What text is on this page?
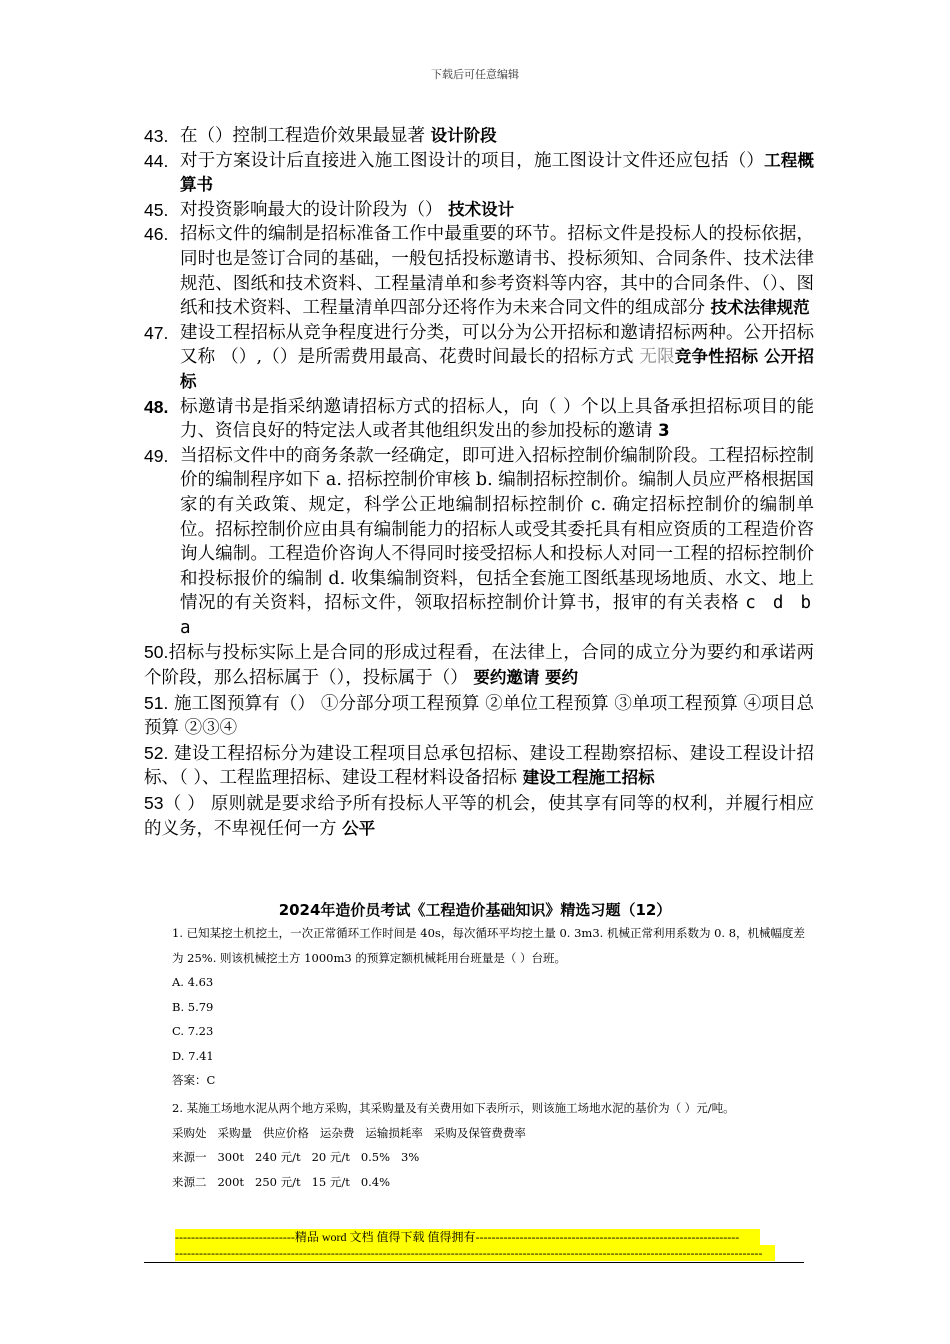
下载后可任意编辑
43. 在（）控制工程造价效果最显著 设计阶段
44. 对于方案设计后直接进入施工图设计的项目，施工图设计文件还应包括（）工程概算书
45. 对投资影响最大的设计阶段为（） 技术设计
46. 招标文件的编制是招标准备工作中最重要的环节。招标文件是投标人的投标依据，同时也是签订合同的基础，一般包括投标邀请书、投标须知、合同条件、技术法律规范、图纸和技术资料、工程量清单和参考资料等内容，其中的合同条件、（）、图纸和技术资料、工程量清单四部分还将作为未来合同文件的组成部分 技术法律规范
47. 建设工程招标从竞争程度进行分类，可以分为公开招标和邀请招标两种。公开招标又称 （）,（）是所需费用最高、花费时间最长的招标方式 无限竞争性招标 公开招标
48. 标邀请书是指采纳邀请招标方式的招标人，向（ ）个以上具备承担招标项目的能力、资信良好的特定法人或者其他组织发出的参加投标的邀请 3
49. 当招标文件中的商务条款一经确定，即可进入招标控制价编制阶段。工程招标控制价的编制程序如下 a. 招标控制价审核 b. 编制招标控制价。编制人员应严格根据国家的有关政策、规定，科学公正地编制招标控制价 c. 确定招标控制价的编制单位。招标控制价应由具有编制能力的招标人或受其委托具有相应资质的工程造价咨询人编制。工程造价咨询人不得同时接受招标人和投标人对同一工程的招标控制价和投标报价的编制 d. 收集编制资料，包括全套施工图纸基现场地质、水文、地上情况的有关资料，招标文件，领取招标控制价计算书，报审的有关表格 c d b a
50.招标与投标实际上是合同的形成过程看，在法律上，合同的成立分为要约和承诺两个阶段，那么招标属于（），投标属于（） 要约邀请 要约
51. 施工图预算有（） ①分部分项工程预算 ②单位工程预算 ③单项工程预算 ④项目总预算 ②③④
52. 建设工程招标分为建设工程项目总承包招标、建设工程勘察招标、建设工程设计招标、（ ）、工程监理招标、建设工程材料设备招标 建设工程施工招标
53（ ） 原则就是要求给予所有投标人平等的机会，使其享有同等的权利，并履行相应的义务，不卑视任何一方 公平
2024年造价员考试《工程造价基础知识》精选习题（12）

1. 已知某挖土机挖土，一次正常循环工作时间是 40s，每次循环平均挖土量 0. 3m3. 机械正常利用系数为 0. 8，机械幅度差为 25%. 则该机械挖土方 1000m3 的预算定额机械耗用台班量是（ ）台班。

A. 4.63

B. 5.79

C. 7.23

D. 7.41

答案：C

2. 某施工场地水泥从两个地方采购，其采购量及有关费用如下表所示，则该施工场地水泥的基价为（ ）元/吨。

采购处   采购量   供应价格   运杂费   运输损耗率   采购及保管费费率

来源一   300t   240 元/t   20 元/t   0.5%   3%

来源二   200t   250 元/t   15 元/t   0.4%

------------------------------精品 word 文档 值得下载 值得拥有------------------------------------------------------------------
---------------------------------------------------------------------------------------------------------------------------------------------------
